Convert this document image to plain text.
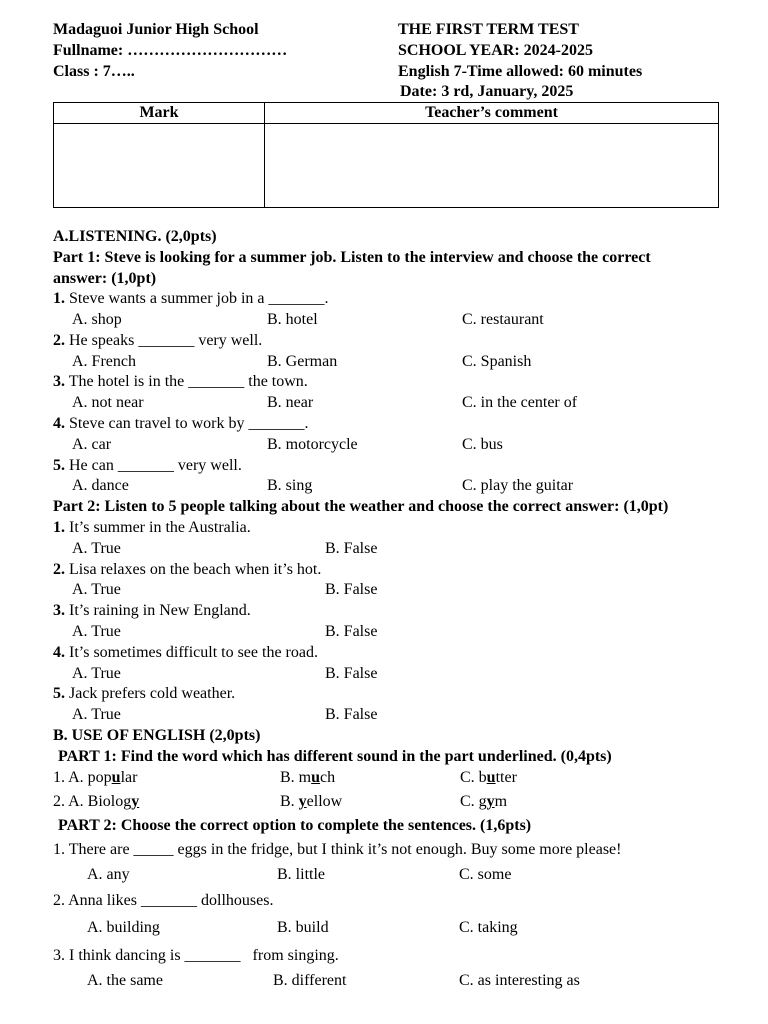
Madaguoi Junior High School
Fullname: …………………………
Class : 7…..
THE FIRST TERM TEST
SCHOOL YEAR: 2024-2025
English 7-Time allowed: 60 minutes
Date: 3 rd, January, 2025
Mark	Teacher’s comment

A.LISTENING. (2,0pts)
Part 1: Steve is looking for a summer job. Listen to the interview and choose the correct
answer: (1,0pt)
1. Steve wants a summer job in a _______.
A. shop	B. hotel	C. restaurant
2. He speaks _______ very well.
A. French	B. German	C. Spanish
3. The hotel is in the _______ the town.
A. not near	B. near	C. in the center of
4. Steve can travel to work by _______.
A. car	B. motorcycle	C. bus
5. He can _______ very well.
A. dance	B. sing	C. play the guitar
Part 2: Listen to 5 people talking about the weather and choose the correct answer: (1,0pt)
1. It’s summer in the Australia.
A. True	B. False
2. Lisa relaxes on the beach when it’s hot.
A. True	B. False
3. It’s raining in New England.
A. True	B. False
4. It’s sometimes difficult to see the road.
A. True	B. False
5. Jack prefers cold weather.
A. True	B. False
B. USE OF ENGLISH (2,0pts)
PART 1: Find the word which has different sound in the part underlined. (0,4pts)
1. A. popular	B. much	C. butter
2. A. Biology	B. yellow	C. gym
PART 2: Choose the correct option to complete the sentences. (1,6pts)
1. There are _____ eggs in the fridge, but I think it’s not enough. Buy some more please!
A. any	B. little	C. some
2. Anna likes _______ dollhouses.
A. building	B. build	C. taking
3. I think dancing is _______   from singing.
A. the same	B. different	C. as interesting as
